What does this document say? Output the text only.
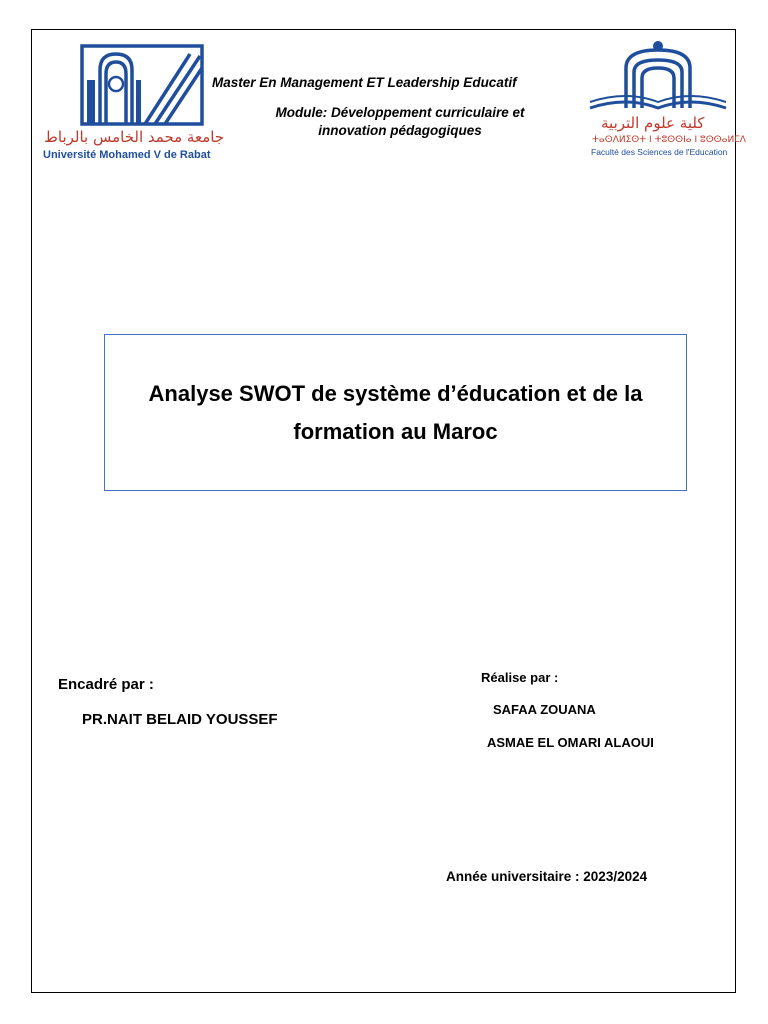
جامعة محمد الخامس بالرباط
Université Mohamed V de Rabat
Master En Management ET Leadership Educatif
Module: Développement curriculaire et innovation pédagogiques	كلية علوم التربية
ⵜⴰⵙⴷⵍⵉⵙⵜ ⵏ ⵜⵓⵙⵙⵏⴰ ⵏ ⵓⵙⵙⴰⵍⵎⴷ
Faculté des Sciences de l'Education
Analyse SWOT de système d’éducation et de la formation au Maroc
Encadré par :
PR.NAIT BELAID YOUSSEF
Réalise par :
SAFAA ZOUANA
ASMAE EL OMARI ALAOUI
Année universitaire : 2023/2024
